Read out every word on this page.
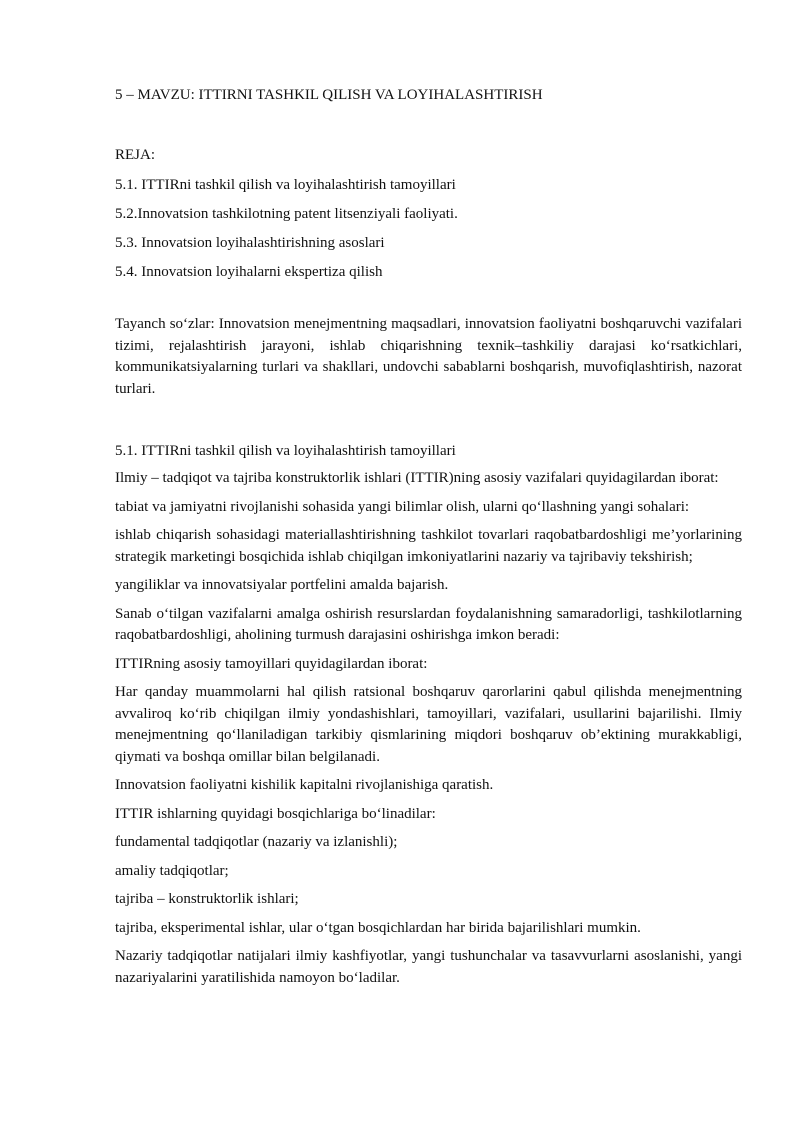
5 – MAVZU: ITTIRNI TASHKIL QILISH VA LOYIHALASHTIRISH

REJA:

5.1. ITTIRni tashkil qilish va loyihalashtirish tamoyillari
5.2.Innovatsion tashkilotning patent litsenziyali faoliyati.
5.3. Innovatsion loyihalashtirishning asoslari
5.4. Innovatsion loyihalarni ekspertiza qilish

Tayanch so‘zlar: Innovatsion menejmentning maqsadlari, innovatsion faoliyatni boshqaruvchi vazifalari tizimi, rejalashtirish jarayoni, ishlab chiqarishning texnik–tashkiliy darajasi ko‘rsatkichlari, kommunikatsiyalarning turlari va shakllari, undovchi sabablarni boshqarish, muvofiqlashtirish, nazorat turlari.

5.1. ITTIRni tashkil qilish va loyihalashtirish tamoyillari

Ilmiy – tadqiqot va tajriba konstruktorlik ishlari (ITTIR)ning asosiy vazifalari quyidagilardan iborat:

tabiat va jamiyatni rivojlanishi sohasida yangi bilimlar olish, ularni qo‘llashning yangi sohalari:

ishlab chiqarish sohasidagi materiallashtirishning tashkilot tovarlari raqobatbardoshligi me’yorlarining strategik marketingi bosqichida ishlab chiqilgan imkoniyatlarini nazariy va tajribaviy tekshirish;

yangiliklar va innovatsiyalar portfelini amalda bajarish.

Sanab o‘tilgan vazifalarni amalga oshirish resurslardan foydalanishning samaradorligi, tashkilotlarning raqobatbardoshligi, aholining turmush darajasini oshirishga imkon beradi:

ITTIRning asosiy tamoyillari quyidagilardan iborat:

Har qanday muammolarni hal qilish ratsional boshqaruv qarorlarini qabul qilishda menejmentning avvaliroq ko‘rib chiqilgan ilmiy yondashishlari, tamoyillari, vazifalari, usullarini bajarilishi. Ilmiy menejmentning qo‘llaniladigan tarkibiy qismlarining miqdori boshqaruv ob’ektining murakkabligi, qiymati va boshqa omillar bilan belgilanadi.

Innovatsion faoliyatni kishilik kapitalni rivojlanishiga qaratish.

ITTIR ishlarning quyidagi bosqichlariga bo‘linadilar:

fundamental tadqiqotlar (nazariy va izlanishli);

amaliy tadqiqotlar;

tajriba – konstruktorlik ishlari;

tajriba, eksperimental ishlar, ular o‘tgan bosqichlardan har birida bajarilishlari mumkin.

Nazariy tadqiqotlar natijalari ilmiy kashfiyotlar, yangi tushunchalar va tasavvurlarni asoslanishi, yangi nazariyalarini yaratilishida namoyon bo‘ladilar.
